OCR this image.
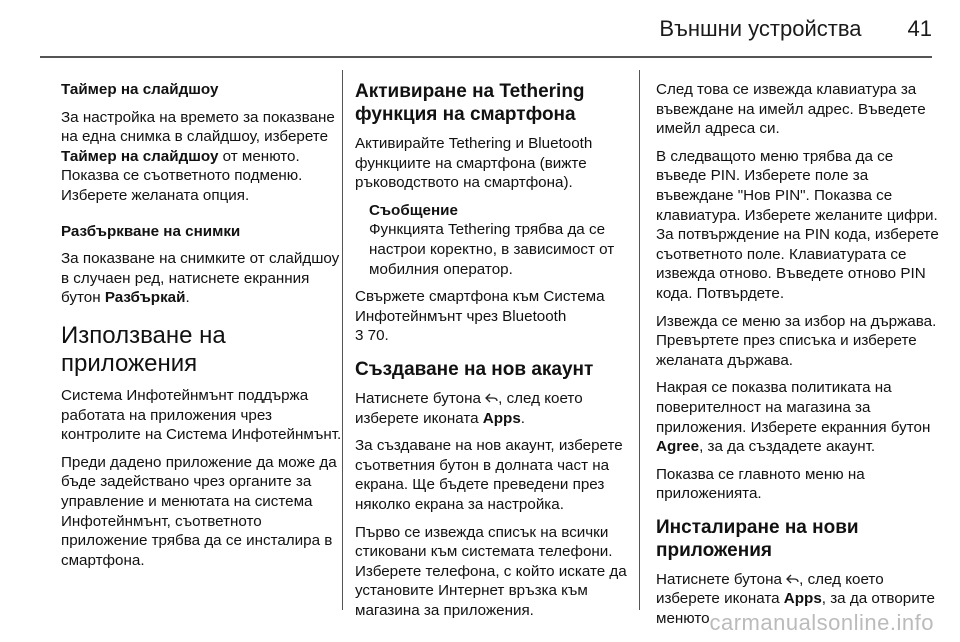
Външни устройства 41

Таймер на слайдшоу

За настройка на времето за показване на една снимка в слайдшоу, изберете Таймер на слайдшоу от менюто. Показва се съответното подменю. Изберете желаната опция.

Разбъркване на снимки

За показване на снимките от слайдшоу в случаен ред, натиснете екранния бутон Разбъркай.

Използване на приложения

Система Инфотейнмънт поддържа работата на приложения чрез контролите на Система Инфотейнмънт.

Преди дадено приложение да може да бъде задействано чрез органите за управление и менютата на система Инфотейнмънт, съответното приложение трябва да се инсталира в смартфона.

Активиране на Tethering функция на смартфона

Активирайте Tethering и Bluetooth функциите на смартфона (вижте ръководството на смартфона).

Съобщение
Функцията Tethering трябва да се настрои коректно, в зависимост от мобилния оператор.

Свържете смартфона към Система Инфотейнмънт чрез Bluetooth
3 70.

Създаване на нов акаунт

Натиснете бутона , след което изберете иконата Apps.

За създаване на нов акаунт, изберете съответния бутон в долната част на екрана. Ще бъдете преведени през няколко екрана за настройка.

Първо се извежда списък на всички стиковани към системата телефони. Изберете телефона, с който искате да установите Интернет връзка към магазина за приложения.

След това се извежда клавиатура за въвеждане на имейл адрес. Въведете имейл адреса си.

В следващото меню трябва да се въведе PIN. Изберете поле за въвеждане "Нов PIN". Показва се клавиатура. Изберете желаните цифри. За потвърждение на PIN кода, изберете съответното поле. Клавиатурата се извежда отново. Въведете отново PIN кода. Потвърдете.

Извежда се меню за избор на държава. Превъртете през списъка и изберете желаната държава.

Накрая се показва политиката на поверителност на магазина за приложения. Изберете екранния бутон Agree, за да създадете акаунт.

Показва се главното меню на приложенията.

Инсталиране на нови приложения

Натиснете бутона , след което изберете иконата Apps, за да отворите менюто.

carmanualsonline.info
